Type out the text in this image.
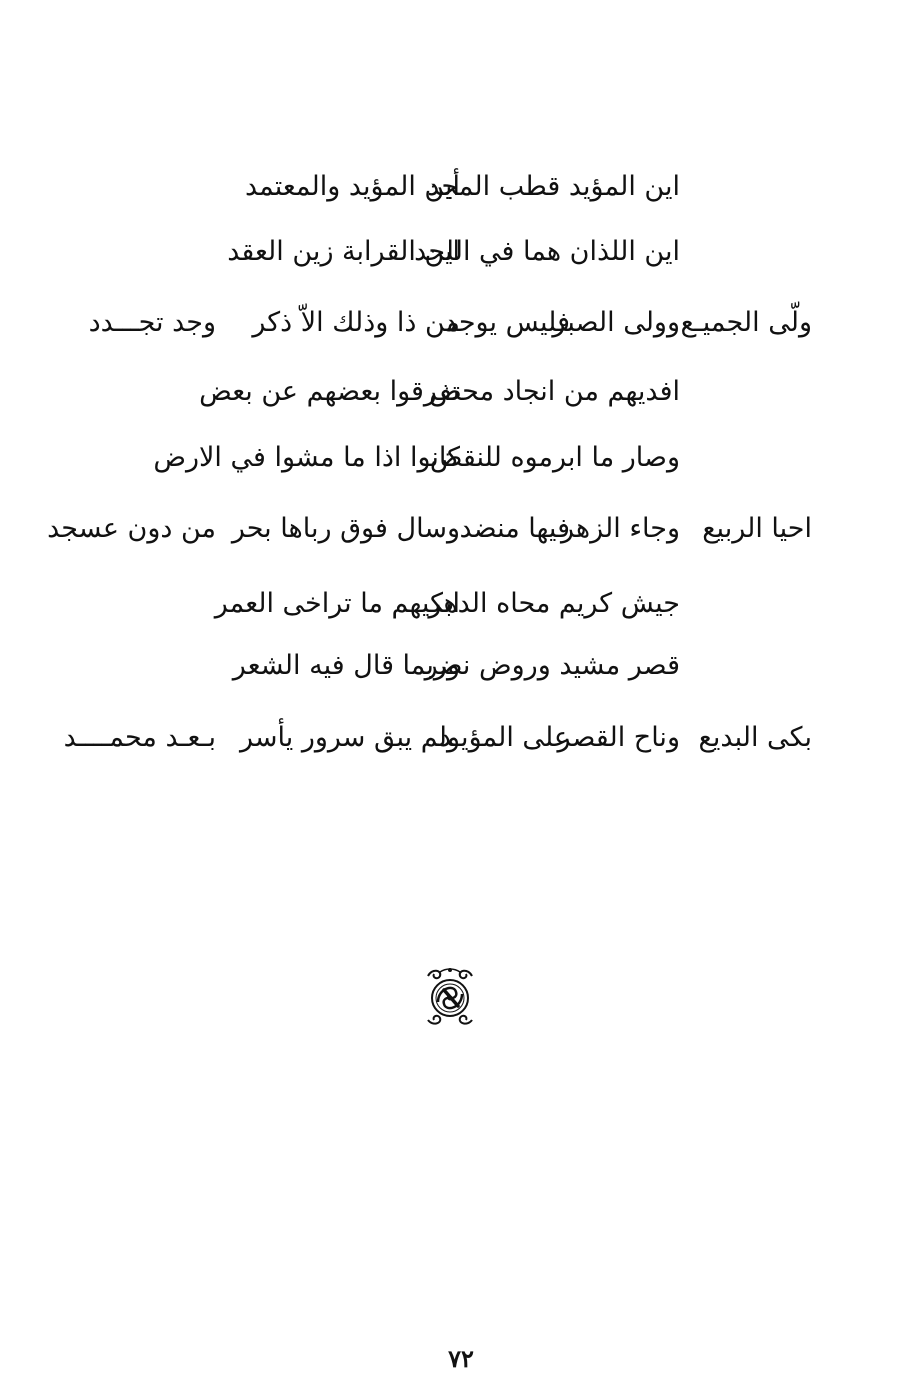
اين المؤيد قطب المجد
أين المؤيد والمعتمد
اين اللذان هما في اللحد
اين القرابة زين العقد
ولّى الجميـع
وولى الصبر
فليس يوجد
من ذا وذلك الاّ ذكر
وجد تجـــدد
افديهم من انجاد محض
تفرقوا بعضهم عن بعض
وصار ما ابرموه للنقض
كانوا اذا ما مشوا في الارض
احيا الربيع
وجاء الزهر
فيها منضد
وسال فوق رباها بحر
من دون عسجد
جيش كريم محاه الدهر
ابكيهم ما تراخى العمر
قصر مشيد وروض نضر
وربما قال فيه الشعر
بكى البديع
وناح القصر
على المؤيـد
ولم يبق سرور يأسر
بـعـد محمــــد
٧٢
